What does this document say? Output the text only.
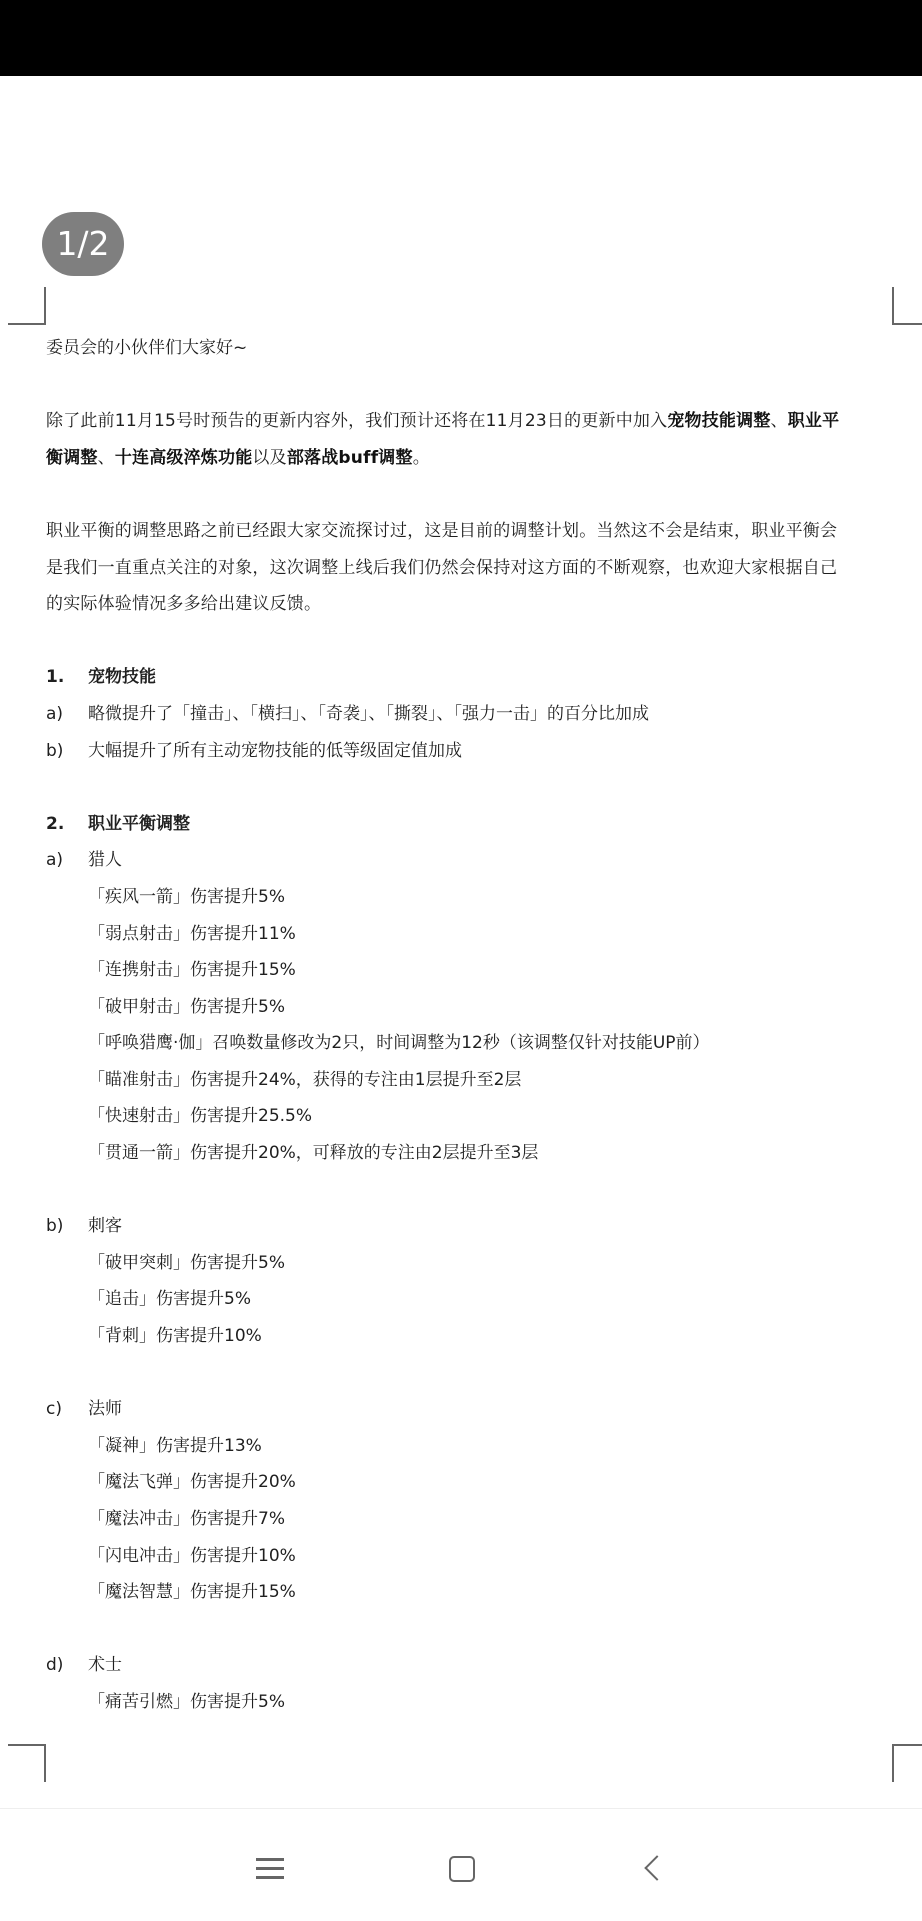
1/2
委员会的小伙伴们大家好~
除了此前11月15号时预告的更新内容外，我们预计还将在11月23日的更新中加入宠物技能调整、职业平
衡调整、十连高级淬炼功能以及部落战buff调整。
职业平衡的调整思路之前已经跟大家交流探讨过，这是目前的调整计划。当然这不会是结束，职业平衡会
是我们一直重点关注的对象，这次调整上线后我们仍然会保持对这方面的不断观察，也欢迎大家根据自己
的实际体验情况多多给出建议反馈。
1.	宠物技能
a)	略微提升了「撞击」、「横扫」、「奇袭」、「撕裂」、「强力一击」的百分比加成
b)	大幅提升了所有主动宠物技能的低等级固定值加成
2.	职业平衡调整
a)	猎人
「疾风一箭」伤害提升5%
「弱点射击」伤害提升11%
「连携射击」伤害提升15%
「破甲射击」伤害提升5%
「呼唤猎鹰·伽」召唤数量修改为2只，时间调整为12秒（该调整仅针对技能UP前）
「瞄准射击」伤害提升24%，获得的专注由1层提升至2层
「快速射击」伤害提升25.5%
「贯通一箭」伤害提升20%，可释放的专注由2层提升至3层
b)	刺客
「破甲突刺」伤害提升5%
「追击」伤害提升5%
「背刺」伤害提升10%
c)	法师
「凝神」伤害提升13%
「魔法飞弹」伤害提升20%
「魔法冲击」伤害提升7%
「闪电冲击」伤害提升10%
「魔法智慧」伤害提升15%
d)	术士
「痛苦引燃」伤害提升5%
